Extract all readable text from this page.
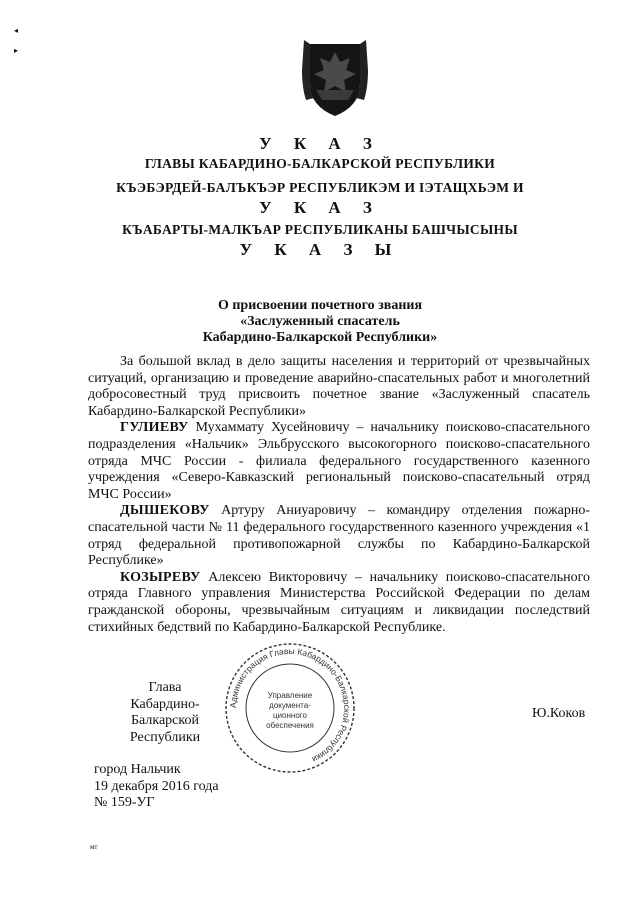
◂
▸
У К А З
ГЛАВЫ КАБАРДИНО-БАЛКАРСКОЙ РЕСПУБЛИКИ
КЪЭБЭРДЕЙ-БАЛЪКЪЭР РЕСПУБЛИКЭМ И ІЭТАЩХЬЭМ И
У К А З
КЪАБАРТЫ-МАЛКЪАР РЕСПУБЛИКАНЫ БАШЧЫСЫНЫ
У К А З Ы
О присвоении почетного звания
«Заслуженный спасатель
Кабардино-Балкарской Республики»

За большой вклад в дело защиты населения и территорий от чрезвычайных ситуаций, организацию и проведение аварийно-спасательных работ и многолетний добросовестный труд присвоить почетное звание «Заслуженный спасатель Кабардино-Балкарской Республики»

ГУЛИЕВУ Мухаммату Хусейновичу – начальнику поисково-спасательного подразделения «Нальчик» Эльбрусского высокогорного поисково-спасательного отряда МЧС России - филиала федерального государственного казенного учреждения «Северо-Кавказский региональный поисково-спасательный отряд МЧС России»

ДЫШЕКОВУ Артуру Аниуаровичу – командиру отделения пожарно-спасательной части № 11 федерального государственного казенного учреждения «1 отряд федеральной противопожарной службы по Кабардино-Балкарской Республике»

КОЗЫРЕВУ Алексею Викторовичу – начальнику поисково-спасательного отряда Главного управления Министерства Российской Федерации по делам гражданской обороны, чрезвычайным ситуациям и ликвидации последствий стихийных бедствий по Кабардино-Балкарской Республике.

Глава
Кабардино-Балкарской
Республики
Администрация Главы Кабардино-Балкарской Республики
Управление
документа-
ционного
обеспечения
Ю.Коков
город Нальчик
19 декабря 2016 года
№ 159-УГ
мт
